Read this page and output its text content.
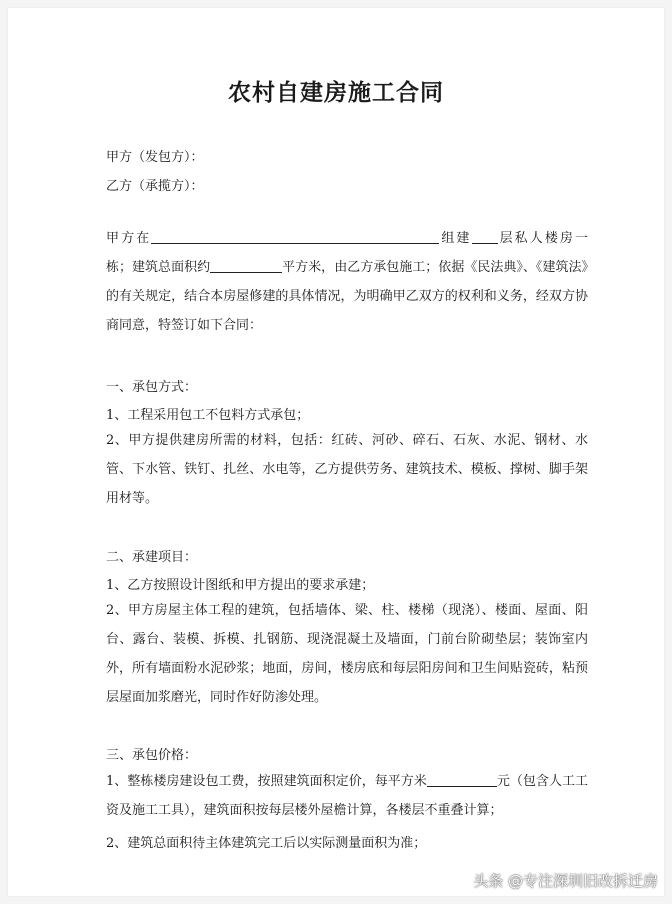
农村自建房施工合同
甲方（发包方）：
乙方（承揽方）：
甲方在	组建 层私人楼房一栋；建筑总面积约	平方米，由乙方承包施工；依据《民法典》、《建筑法》的有关规定，结合本房屋修建的具体情况，为明确甲乙双方的权利和义务，经双方协商同意，特签订如下合同：
一、承包方式：
1、工程采用包工不包料方式承包；
2、甲方提供建房所需的材料，包括：红砖、河砂、碎石、石灰、水泥、钢材、水管、下水管、铁钉、扎丝、水电等，乙方提供劳务、建筑技术、模板、撑树、脚手架用材等。
二、承建项目：
1、乙方按照设计图纸和甲方提出的要求承建；
2、甲方房屋主体工程的建筑，包括墙体、梁、柱、楼梯（现浇）、楼面、屋面、阳台、露台、装模、拆模、扎钢筋、现浇混凝土及墙面，门前台阶砌垫层；装饰室内外，所有墙面粉水泥砂浆；地面，房间，楼房底和每层阳房间和卫生间贴瓷砖，粘预层屋面加浆磨光，同时作好防渗处理。
三、承包价格：
1、整栋楼房建设包工费，按照建筑面积定价，每平方米	元（包含人工工资及施工工具），建筑面积按每层楼外屋檐计算，各楼层不重叠计算；
2、建筑总面积待主体建筑完工后以实际测量面积为准；
头条 @专注深圳旧改拆迁房
